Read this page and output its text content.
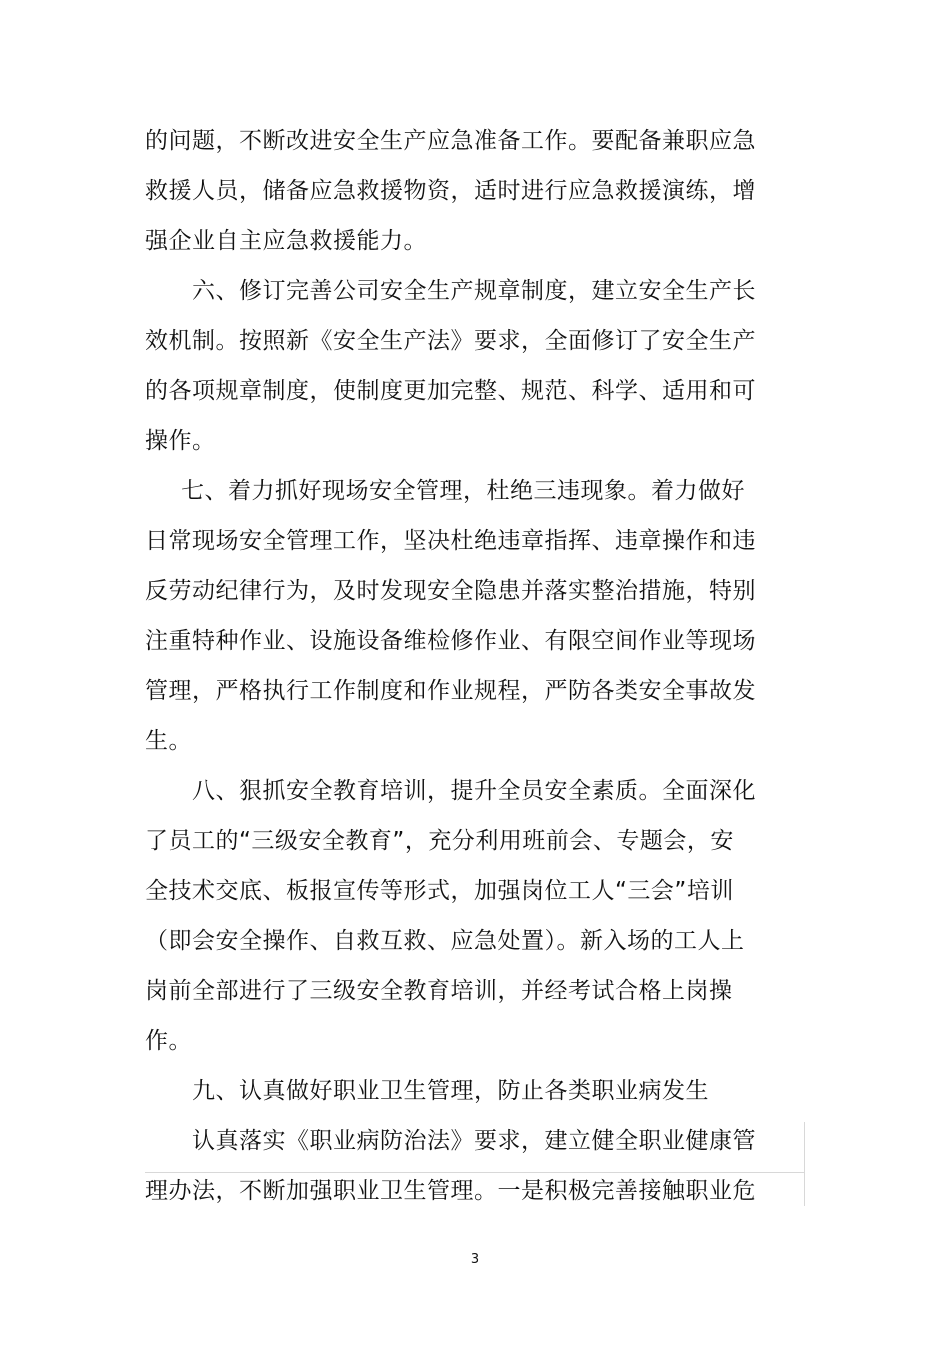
的问题，不断改进安全生产应急准备工作。要配备兼职应急
救援人员，储备应急救援物资，适时进行应急救援演练，增
强企业自主应急救援能力。
六、修订完善公司安全生产规章制度，建立安全生产长
效机制。按照新《安全生产法》要求，全面修订了安全生产
的各项规章制度，使制度更加完整、规范、科学、适用和可
操作。
七、着力抓好现场安全管理，杜绝三违现象。着力做好
日常现场安全管理工作，坚决杜绝违章指挥、违章操作和违
反劳动纪律行为，及时发现安全隐患并落实整治措施，特别
注重特种作业、设施设备维检修作业、有限空间作业等现场
管理，严格执行工作制度和作业规程，严防各类安全事故发
生。
八、狠抓安全教育培训，提升全员安全素质。全面深化
了员工的“三级安全教育”，充分利用班前会、专题会，安
全技术交底、板报宣传等形式，加强岗位工人“三会”培训
（即会安全操作、自救互救、应急处置）。新入场的工人上
岗前全部进行了三级安全教育培训，并经考试合格上岗操
作。
九、认真做好职业卫生管理，防止各类职业病发生
认真落实《职业病防治法》要求，建立健全职业健康管
理办法，不断加强职业卫生管理。一是积极完善接触职业危
3
